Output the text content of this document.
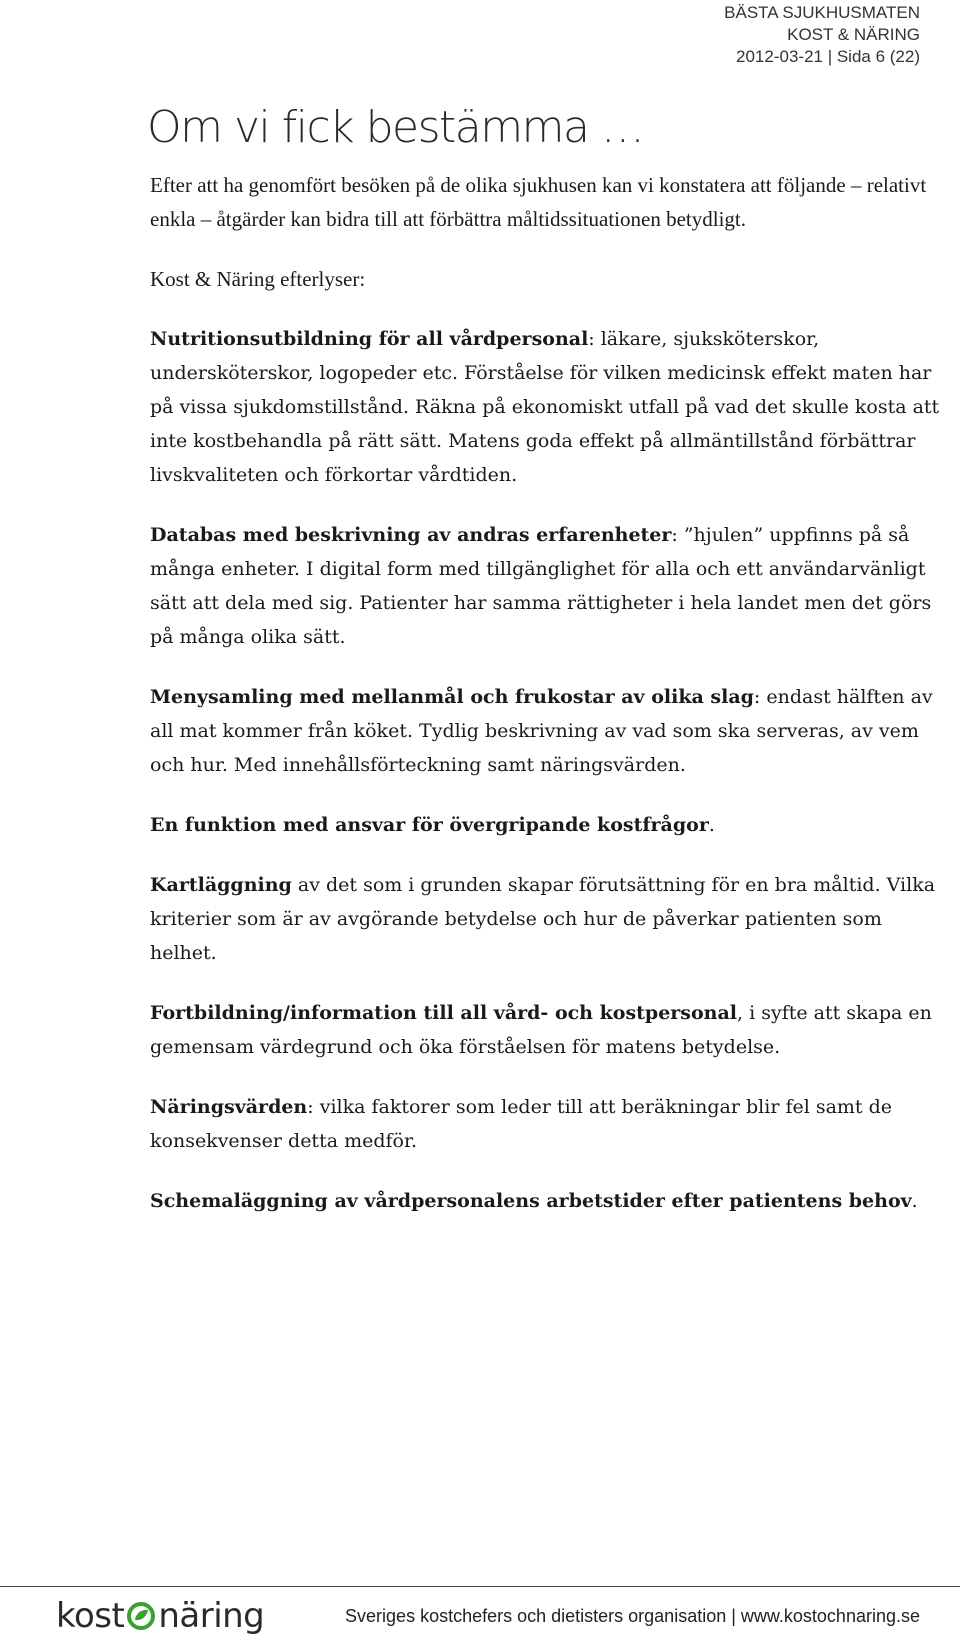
BÄSTA SJUKHUSMATEN
KOST & NÄRING
2012-03-21 | Sida 6 (22)
Om vi fick bestämma …

Efter att ha genomfört besöken på de olika sjukhusen kan vi konstatera att följande – relativt enkla – åtgärder kan bidra till att förbättra måltidssituationen betydligt.

Kost & Näring efterlyser:

Nutritionsutbildning för all vårdpersonal: läkare, sjuksköterskor, undersköterskor, logopeder etc. Förståelse för vilken medicinsk effekt maten har på vissa sjukdomstillstånd. Räkna på ekonomiskt utfall på vad det skulle kosta att inte kostbehandla på rätt sätt. Matens goda effekt på allmäntillstånd förbättrar livskvaliteten och förkortar vårdtiden.

Databas med beskrivning av andras erfarenheter: ”hjulen” uppfinns på så många enheter. I digital form med tillgänglighet för alla och ett användarvänligt sätt att dela med sig. Patienter har samma rättigheter i hela landet men det görs på många olika sätt.

Menysamling med mellanmål och frukostar av olika slag: endast hälften av all mat kommer från köket. Tydlig beskrivning av vad som ska serveras, av vem och hur. Med innehållsförteckning samt näringsvärden.

En funktion med ansvar för övergripande kostfrågor.

Kartläggning av det som i grunden skapar förutsättning för en bra måltid. Vilka kriterier som är av avgörande betydelse och hur de påverkar patienten som helhet.

Fortbildning/information till all vård- och kostpersonal, i syfte att skapa en gemensam värdegrund och öka förståelsen för matens betydelse.

Näringsvärden: vilka faktorer som leder till att beräkningar blir fel samt de konsekvenser detta medför.

Schemaläggning av vårdpersonalens arbetstider efter patientens behov.

kost näring	Sveriges kostchefers och dietisters organisation | www.kostochnaring.se
